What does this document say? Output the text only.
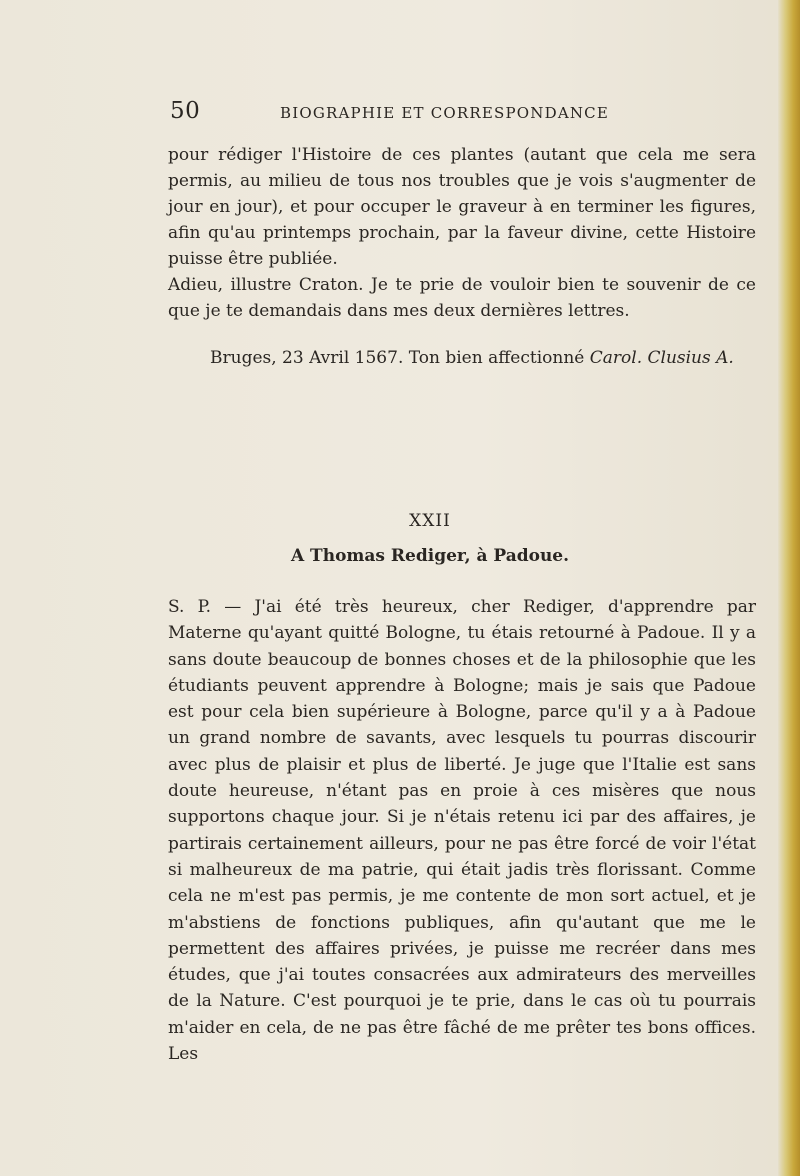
50	BIOGRAPHIE ET CORRESPONDANCE

pour rédiger l'Histoire de ces plantes (autant que cela me sera permis, au milieu de tous nos troubles que je vois s'augmenter de jour en jour), et pour occuper le graveur à en terminer les figures, afin qu'au printemps prochain, par la faveur divine, cette Histoire puisse être publiée.

Adieu, illustre Craton. Je te prie de vouloir bien te souvenir de ce que je te demandais dans mes deux dernières lettres.

Bruges, 23 Avril 1567. Ton bien affectionné Carol. Clusius A.
XXII
A Thomas Rediger, à Padoue.

S. P. — J'ai été très heureux, cher Rediger, d'apprendre par Materne qu'ayant quitté Bologne, tu étais retourné à Padoue. Il y a sans doute beaucoup de bonnes choses et de la philosophie que les étudiants peuvent apprendre à Bologne; mais je sais que Padoue est pour cela bien supérieure à Bologne, parce qu'il y a à Padoue un grand nombre de savants, avec lesquels tu pourras discourir avec plus de plaisir et plus de liberté. Je juge que l'Italie est sans doute heureuse, n'étant pas en proie à ces misères que nous supportons chaque jour. Si je n'étais retenu ici par des affaires, je partirais certainement ailleurs, pour ne pas être forcé de voir l'état si malheureux de ma patrie, qui était jadis très florissant. Comme cela ne m'est pas permis, je me contente de mon sort actuel, et je m'abstiens de fonctions publiques, afin qu'autant que me le permettent des affaires privées, je puisse me recréer dans mes études, que j'ai toutes consacrées aux admirateurs des merveilles de la Nature. C'est pourquoi je te prie, dans le cas où tu pourrais m'aider en cela, de ne pas être fâché de me prêter tes bons offices. Les
